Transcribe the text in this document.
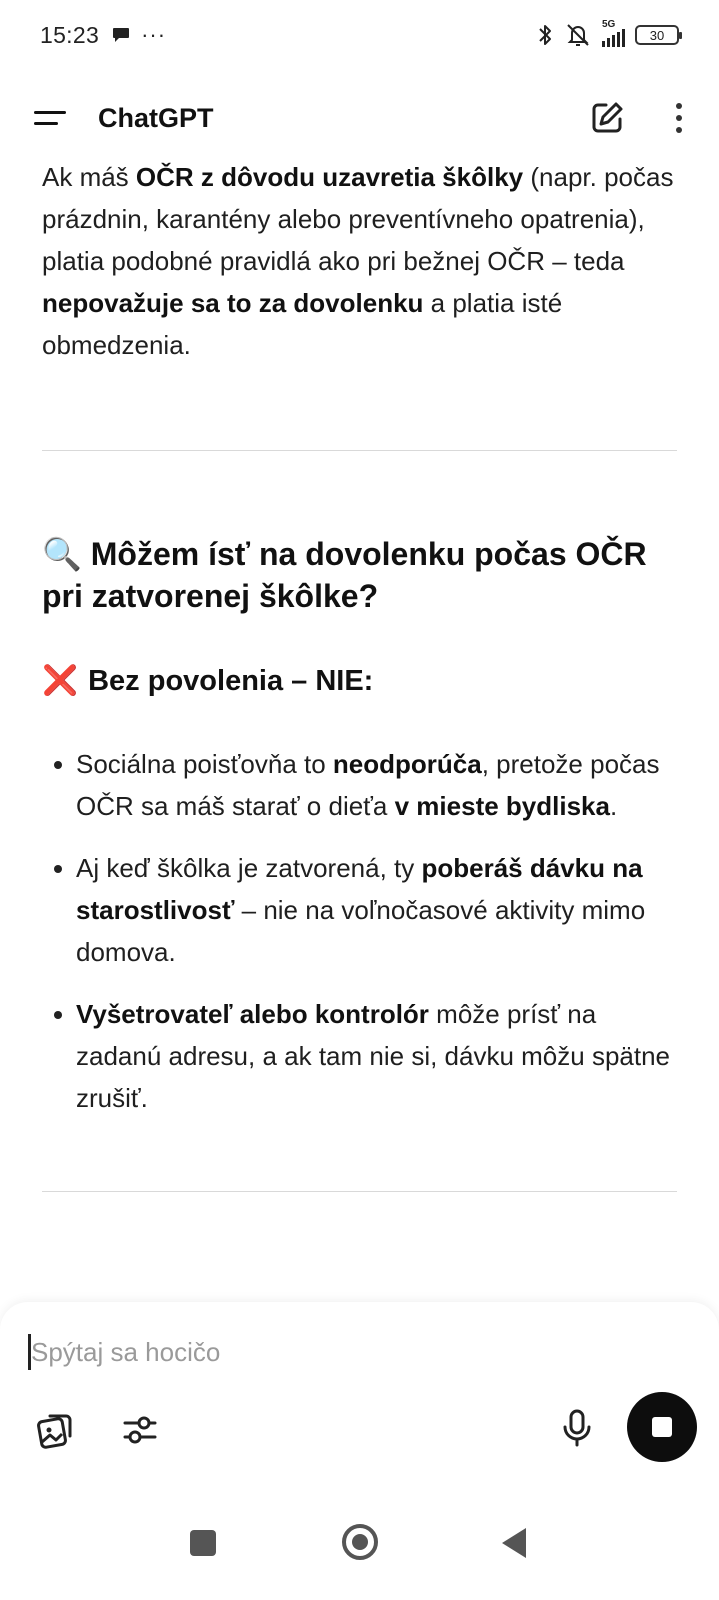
15:23 ···	5G
30
ChatGPT

Ak máš OČR z dôvodu uzavretia škôlky (napr. počas prázdnin, karantény alebo preventívneho opatrenia), platia podobné pravidlá ako pri bežnej OČR – teda nepovažuje sa to za dovolenku a platia isté obmedzenia.

🔍 Môžem ísť na dovolenku počas OČR pri zatvorenej škôlke?
❌ Bez povolenia – NIE:
Sociálna poisťovňa to neodporúča, pretože počas OČR sa máš starať o dieťa v mieste bydliska.
Aj keď škôlka je zatvorená, ty poberáš dávku na starostlivosť – nie na voľnočasové aktivity mimo domova.
Vyšetrovateľ alebo kontrolór môže prísť na zadanú adresu, a ak tam nie si, dávku môžu spätne zrušiť.
Spýtaj sa hocičo
